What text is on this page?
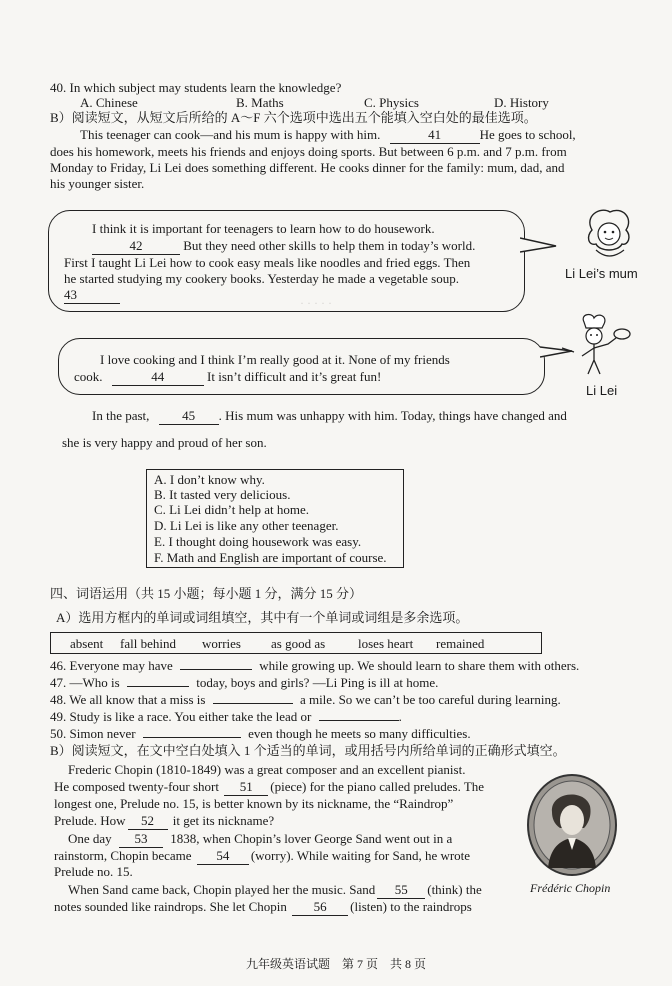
40. In which subject may students learn the knowledge?
A. Chinese	B. Maths	C. Physics	D. History
B）阅读短文，从短文后所给的 A～F 六个选项中选出五个能填入空白处的最佳选项。
This teenager can cook—and his mum is happy with him.	41	He goes to school,
does his homework, meets his friends and enjoys doing sports. But between 6 p.m. and 7 p.m. from
Monday to Friday, Li Lei does something different. He cooks dinner for the family: mum, dad, and
his younger sister.
I think it is important for teenagers to learn how to do housework.
42	But they need other skills to help them in today’s world.
First I taught Li Lei how to cook easy meals like noodles and fried eggs. Then
he started studying my cookery books. Yesterday he made a vegetable soup.
43
Li Lei’s mum
I love cooking and I think I’m really good at it. None of my friends
cook.	44	It isn’t difficult and it’s great fun!
Li Lei
· · · · ·
In the past,	45 . His mum was unhappy with him. Today, things have changed and
she is very happy and proud of her son.
A. I don’t know why.
B. It tasted very delicious.
C. Li Lei didn’t help at home.
D. Li Lei is like any other teenager.
E. I thought doing housework was easy.
F. Math and English are important of course.
四、词语运用（共 15 小题；每小题 1 分，满分 15 分）
A）选用方框内的单词或词组填空，其中有一个单词或词组是多余选项。
absent fall behind worries as good as	loses heart remained
46. Everyone may have	while growing up. We should learn to share them with others.
47. —Who is	today, boys and girls? —Li Ping is ill at home.
48. We all know that a miss is	a mile. So we can’t be too careful during learning.
49. Study is like a race. You either take the lead or	.
50. Simon never	even though he meets so many difficulties.
B）阅读短文，在文中空白处填入 1 个适当的单词，或用括号内所给单词的正确形式填空。
Frederic Chopin (1810-1849) was a great composer and an excellent pianist.
He composed twenty-four short 51 (piece) for the piano called preludes. The
longest one, Prelude no. 15, is better known by its nickname, the “Raindrop”
Prelude. How 52 it get its nickname?
One day 53 1838, when Chopin’s lover George Sand went out in a
rainstorm, Chopin became 54 (worry). While waiting for Sand, he wrote
Prelude no. 15.
When Sand came back, Chopin played her the music. Sand 55 (think) the
notes sounded like raindrops. She let Chopin 56 (listen) to the raindrops
Frédéric Chopin
九年级英语试题　第 7 页　共 8 页
